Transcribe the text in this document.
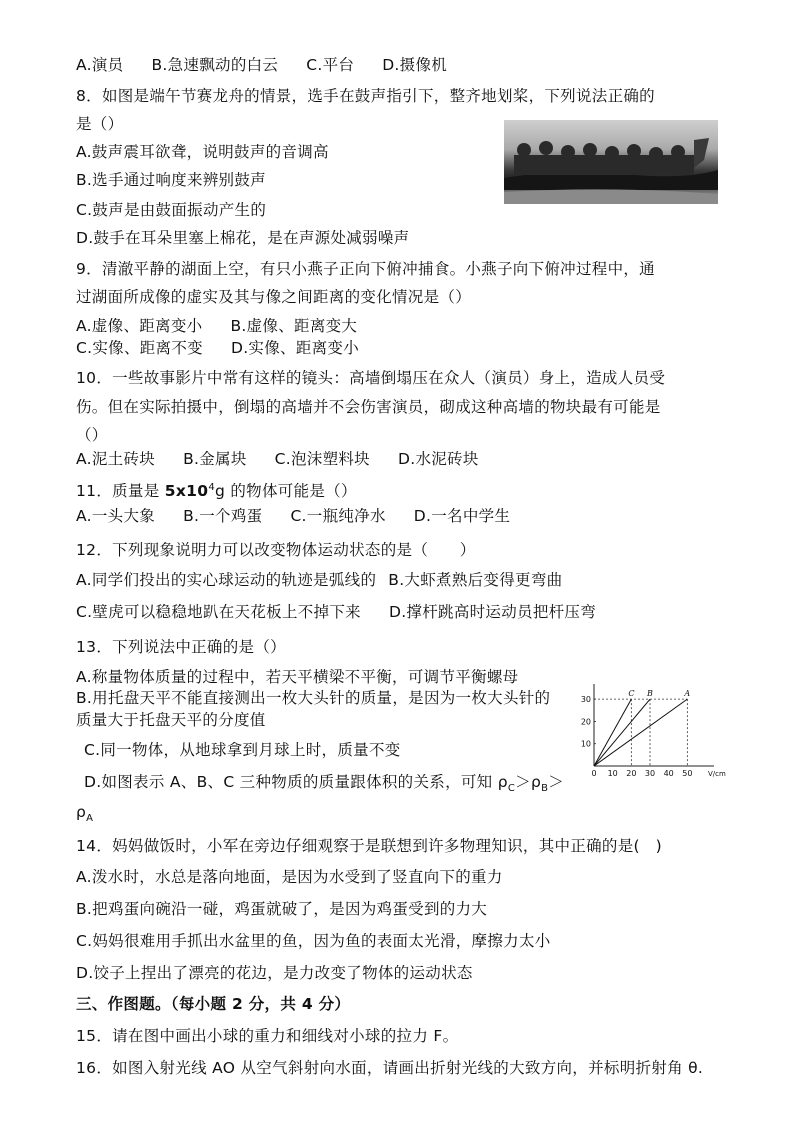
A.演员 B.急速飘动的白云 C.平台 D.摄像机
8．如图是端午节赛龙舟的情景，选手在鼓声指引下，整齐地划桨，下列说法正确的
是（）
A.鼓声震耳欲聋，说明鼓声的音调高
B.选手通过响度来辨别鼓声
C.鼓声是由鼓面振动产生的
D.鼓手在耳朵里塞上棉花，是在声源处减弱噪声
9．清澈平静的湖面上空，有只小燕子正向下俯冲捕食。小燕子向下俯冲过程中，通
过湖面所成像的虚实及其与像之间距离的变化情况是（）
A.虚像、距离变小 B.虚像、距离变大
C.实像、距离不变 D.实像、距离变小
10．一些故事影片中常有这样的镜头：高墙倒塌压在众人（演员）身上，造成人员受
伤。但在实际拍摄中，倒塌的高墙并不会伤害演员，砌成这种高墙的物块最有可能是
（）
A.泥土砖块 B.金属块 C.泡沫塑料块 D.水泥砖块
11．质量是 $5x10^4g$ 的物体可能是（）
A.一头大象 B.一个鸡蛋 C.一瓶纯净水 D.一名中学生
12．下列现象说明力可以改变物体运动状态的是（　　）
A.同学们投出的实心球运动的轨迹是弧线的 B.大虾煮熟后变得更弯曲
C.壁虎可以稳稳地趴在天花板上不掉下来 D.撑杆跳高时运动员把杆压弯
13．下列说法中正确的是（）
A.称量物体质量的过程中，若天平横梁不平衡，可调节平衡螺母
B.用托盘天平不能直接测出一枚大头针的质量，是因为一枚大头针的
质量大于托盘天平的分度值
C.同一物体，从地球拿到月球上时，质量不变
D.如图表示 A、B、C 三种物质的质量跟体积的关系，可知 $\rho_C>\rho_B>$
$\rho_A$
C B	A
0 10 20 30 40 50 V/cm
10
20
30
14．妈妈做饭时，小军在旁边仔细观察于是联想到许多物理知识，其中正确的是(　)
A.泼水时，水总是落向地面，是因为水受到了竖直向下的重力
B.把鸡蛋向碗沿一碰，鸡蛋就破了，是因为鸡蛋受到的力大
C.妈妈很难用手抓出水盆里的鱼，因为鱼的表面太光滑，摩擦力太小
D.饺子上捏出了漂亮的花边，是力改变了物体的运动状态
三、作图题。（每小题 2 分，共 4 分）
15．请在图中画出小球的重力和细线对小球的拉力 F。
16．如图入射光线 AO 从空气斜射向水面，请画出折射光线的大致方向，并标明折射角 θ.
